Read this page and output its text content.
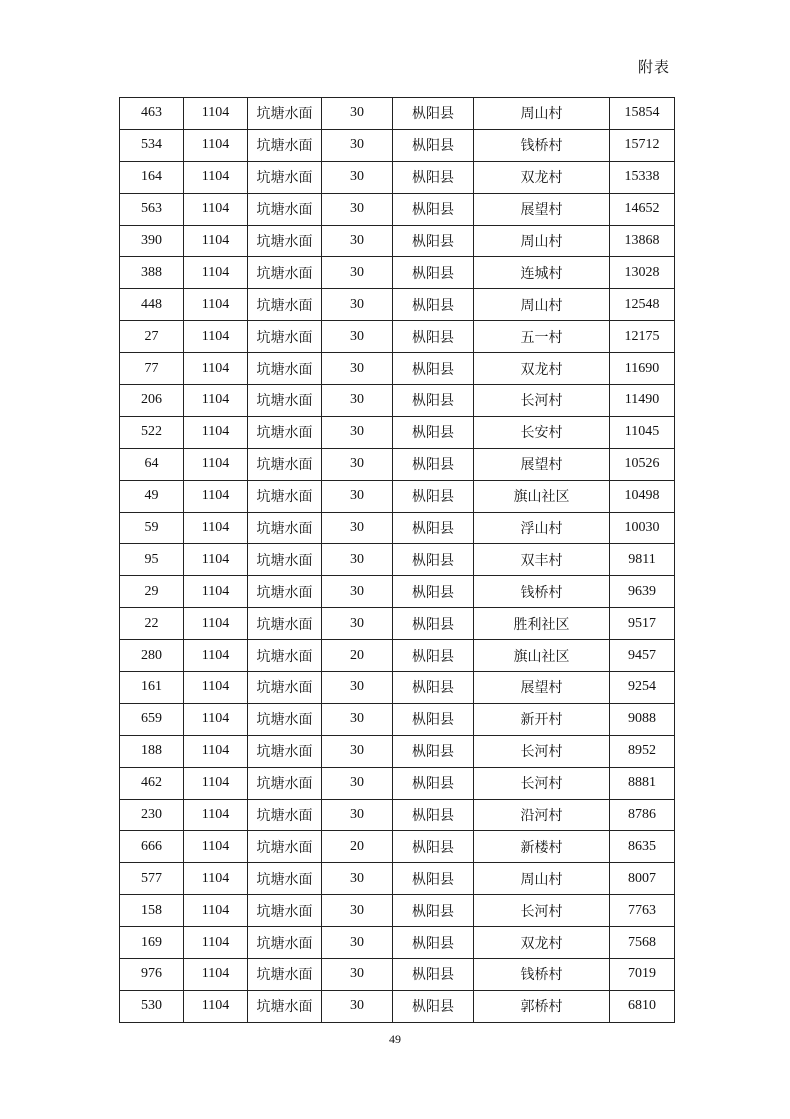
附表
463	1104	坑塘水面	30	枞阳县	周山村	15854
534	1104	坑塘水面	30	枞阳县	钱桥村	15712
164	1104	坑塘水面	30	枞阳县	双龙村	15338
563	1104	坑塘水面	30	枞阳县	展望村	14652
390	1104	坑塘水面	30	枞阳县	周山村	13868
388	1104	坑塘水面	30	枞阳县	连城村	13028
448	1104	坑塘水面	30	枞阳县	周山村	12548
27	1104	坑塘水面	30	枞阳县	五一村	12175
77	1104	坑塘水面	30	枞阳县	双龙村	11690
206	1104	坑塘水面	30	枞阳县	长河村	11490
522	1104	坑塘水面	30	枞阳县	长安村	11045
64	1104	坑塘水面	30	枞阳县	展望村	10526
49	1104	坑塘水面	30	枞阳县	旗山社区	10498
59	1104	坑塘水面	30	枞阳县	浮山村	10030
95	1104	坑塘水面	30	枞阳县	双丰村	9811
29	1104	坑塘水面	30	枞阳县	钱桥村	9639
22	1104	坑塘水面	30	枞阳县	胜利社区	9517
280	1104	坑塘水面	20	枞阳县	旗山社区	9457
161	1104	坑塘水面	30	枞阳县	展望村	9254
659	1104	坑塘水面	30	枞阳县	新开村	9088
188	1104	坑塘水面	30	枞阳县	长河村	8952
462	1104	坑塘水面	30	枞阳县	长河村	8881
230	1104	坑塘水面	30	枞阳县	沿河村	8786
666	1104	坑塘水面	20	枞阳县	新楼村	8635
577	1104	坑塘水面	30	枞阳县	周山村	8007
158	1104	坑塘水面	30	枞阳县	长河村	7763
169	1104	坑塘水面	30	枞阳县	双龙村	7568
976	1104	坑塘水面	30	枞阳县	钱桥村	7019
530	1104	坑塘水面	30	枞阳县	郭桥村	6810
49
